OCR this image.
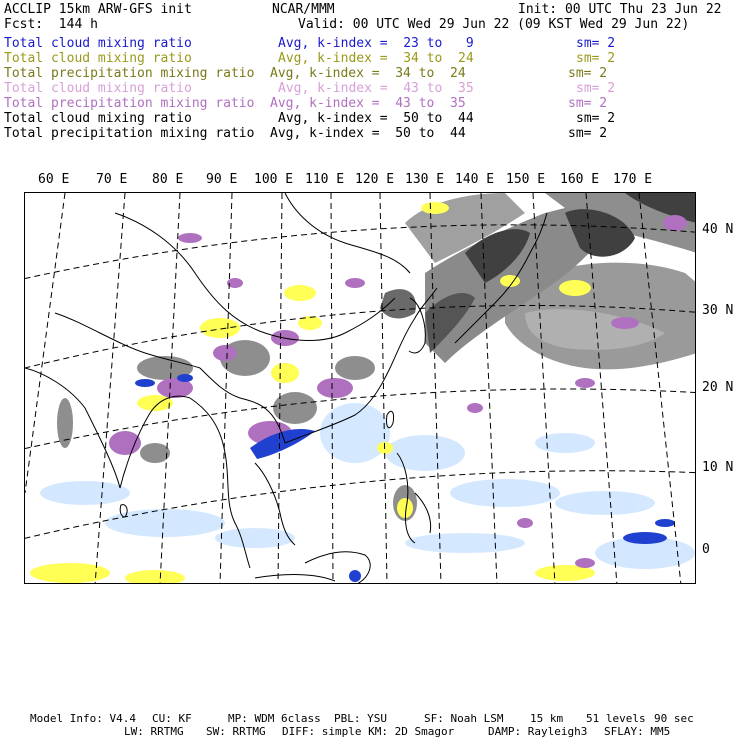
ACCLIP 15km ARW-GFS init	NCAR/MMM	Init: 00 UTC Thu 23 Jun 22
Fcst:  144 h	Valid: 00 UTC Wed 29 Jun 22 (09 KST Wed 29 Jun 22)
Total cloud mixing ratio	Avg, k-index =  23 to   9	sm= 2
Total cloud mixing ratio	Avg, k-index =  34 to  24	sm= 2
Total precipitation mixing ratio Avg, k-index =  34 to  24	sm= 2
Total cloud mixing ratio	Avg, k-index =  43 to  35	sm= 2
Total precipitation mixing ratio Avg, k-index =  43 to  35	sm= 2
Total cloud mixing ratio	Avg, k-index =  50 to  44	sm= 2
Total precipitation mixing ratio Avg, k-index =  50 to  44	sm= 2
60 E 70 E 80 E 90 E 100 E 110 E 120 E 130 E 140 E 150 E 160 E 170 E
40 N
30 N
20 N
10 N
0
Model Info: V4.4 CU: KF	MP: WDM 6class PBL: YSU	SF: Noah LSM 15 km 51 levels 90 sec
LW: RRTMG SW: RRTMG DIFF: simple KM: 2D Smagor	DAMP: Rayleigh3 SFLAY: MM5
